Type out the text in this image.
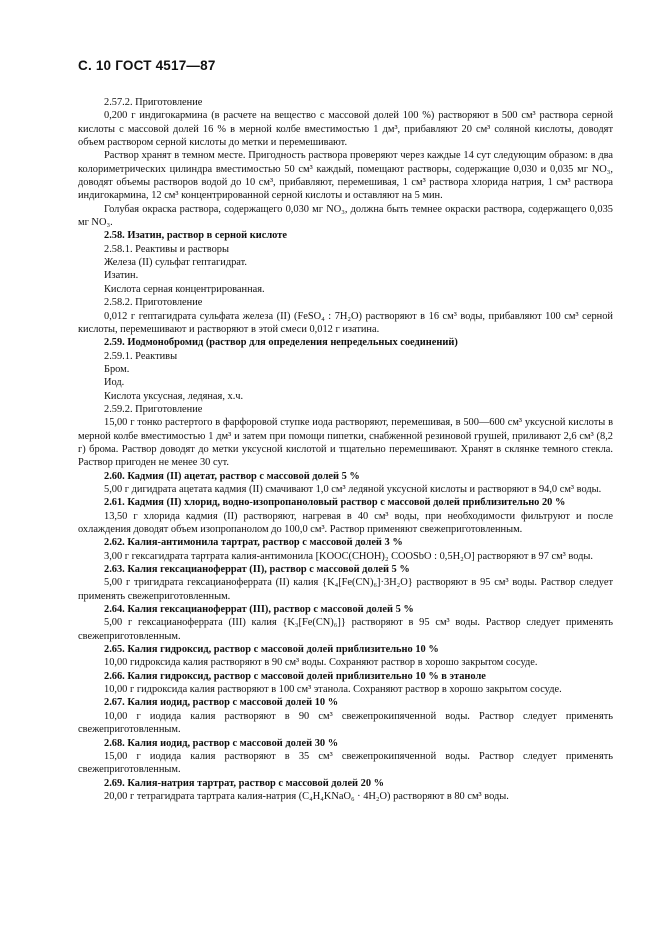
С. 10 ГОСТ 4517—87

2.57.2. Приготовление

0,200 г индигокармина (в расчете на вещество с массовой долей 100 %) растворяют в 500 см³ раствора серной кислоты с массовой долей 16 % в мерной колбе вместимостью 1 дм³, прибавляют 20 см³ соляной кислоты, доводят объем раствором серной кислоты до метки и перемешивают.

Раствор хранят в темном месте. Пригодность раствора проверяют через каждые 14 сут следующим образом: в два колориметрических цилиндра вместимостью 50 см³ каждый, помещают растворы, содержащие 0,030 и 0,035 мг NO₃, доводят объемы растворов водой до 10 см³, прибавляют, перемешивая, 1 см³ раствора хлорида натрия, 1 см³ раствора индигокармина, 12 см³ концентрированной серной кислоты и оставляют на 5 мин.

Голубая окраска раствора, содержащего 0,030 мг NO₃, должна быть темнее окраски раствора, содержащего 0,035 мг NO₃.

2.58. Изатин, раствор в серной кислоте

2.58.1. Реактивы и растворы

Железа (II) сульфат гептагидрат.

Изатин.

Кислота серная концентрированная.

2.58.2. Приготовление

0,012 г гептагидрата сульфата железа (II) (FeSO₄ : 7H₂O) растворяют в 16 см³ воды, прибавляют 100 см³ серной кислоты, перемешивают и растворяют в этой смеси 0,012 г изатина.

2.59. Иодмонобромид (раствор для определения непредельных соединений)

2.59.1. Реактивы

Бром.

Иод.

Кислота уксусная, ледяная, х.ч.

2.59.2. Приготовление

15,00 г тонко растертого в фарфоровой ступке иода растворяют, перемешивая, в 500—600 см³ уксусной кислоты в мерной колбе вместимостью 1 дм³ и затем при помощи пипетки, снабженной резиновой грушей, приливают 2,6 см³ (8,2 г) брома. Раствор доводят до метки уксусной кислотой и тщательно перемешивают. Хранят в склянке темного стекла. Раствор пригоден не менее 30 сут.

2.60. Кадмия (II) ацетат, раствор с массовой долей 5 %

5,00 г дигидрата ацетата кадмия (II) смачивают 1,0 см³ ледяной уксусной кислоты и растворяют в 94,0 см³ воды.

2.61. Кадмия (II) хлорид, водно-изопропаноловый раствор с массовой долей приблизительно 20 %

13,50 г хлорида кадмия (II) растворяют, нагревая в 40 см³ воды, при необходимости фильтруют и после охлаждения доводят объем изопропанолом до 100,0 см³. Раствор применяют свежеприготовленным.

2.62. Калия-антимонила тартрат, раствор с массовой долей 3 %

3,00 г гексагидрата тартрата калия-антимонила [KOOC(CHOH)₂ COOSbO : 0,5H₂O] растворяют в 97 см³ воды.

2.63. Калия гексацианоферрат (II), раствор с массовой долей 5 %

5,00 г тригидрата гексацианоферрата (II) калия {K₄[Fe(CN)₆]·3H₂O} растворяют в 95 см³ воды. Раствор следует применять свежеприготовленным.

2.64. Калия гексацианоферрат (III), раствор с массовой долей 5 %

5,00 г гексацианоферрата (III) калия {K₃[Fe(CN)₆]} растворяют в 95 см³ воды. Раствор следует применять свежеприготовленным.

2.65. Калия гидроксид, раствор с массовой долей приблизительно 10 %

10,00 гидроксида калия растворяют в 90 см³ воды. Сохраняют раствор в хорошо закрытом сосуде.

2.66. Калия гидроксид, раствор с массовой долей приблизительно 10 % в этаноле

10,00 г гидроксида калия растворяют в 100 см³ этанола. Сохраняют раствор в хорошо закрытом сосуде.

2.67. Калия иодид, раствор с массовой долей 10 %

10,00 г иодида калия растворяют в 90 см³ свежепрокипяченной воды. Раствор следует применять свежеприготовленным.

2.68. Калия иодид, раствор с массовой долей 30 %

15,00 г иодида калия растворяют в 35 см³ свежепрокипяченной воды. Раствор следует применять свежеприготовленным.

2.69. Калия-натрия тартрат, раствор с массовой долей 20 %

20,00 г тетрагидрата тартрата калия-натрия (C₄H₄KNaO₆ · 4H₂O) растворяют в 80 см³ воды.
